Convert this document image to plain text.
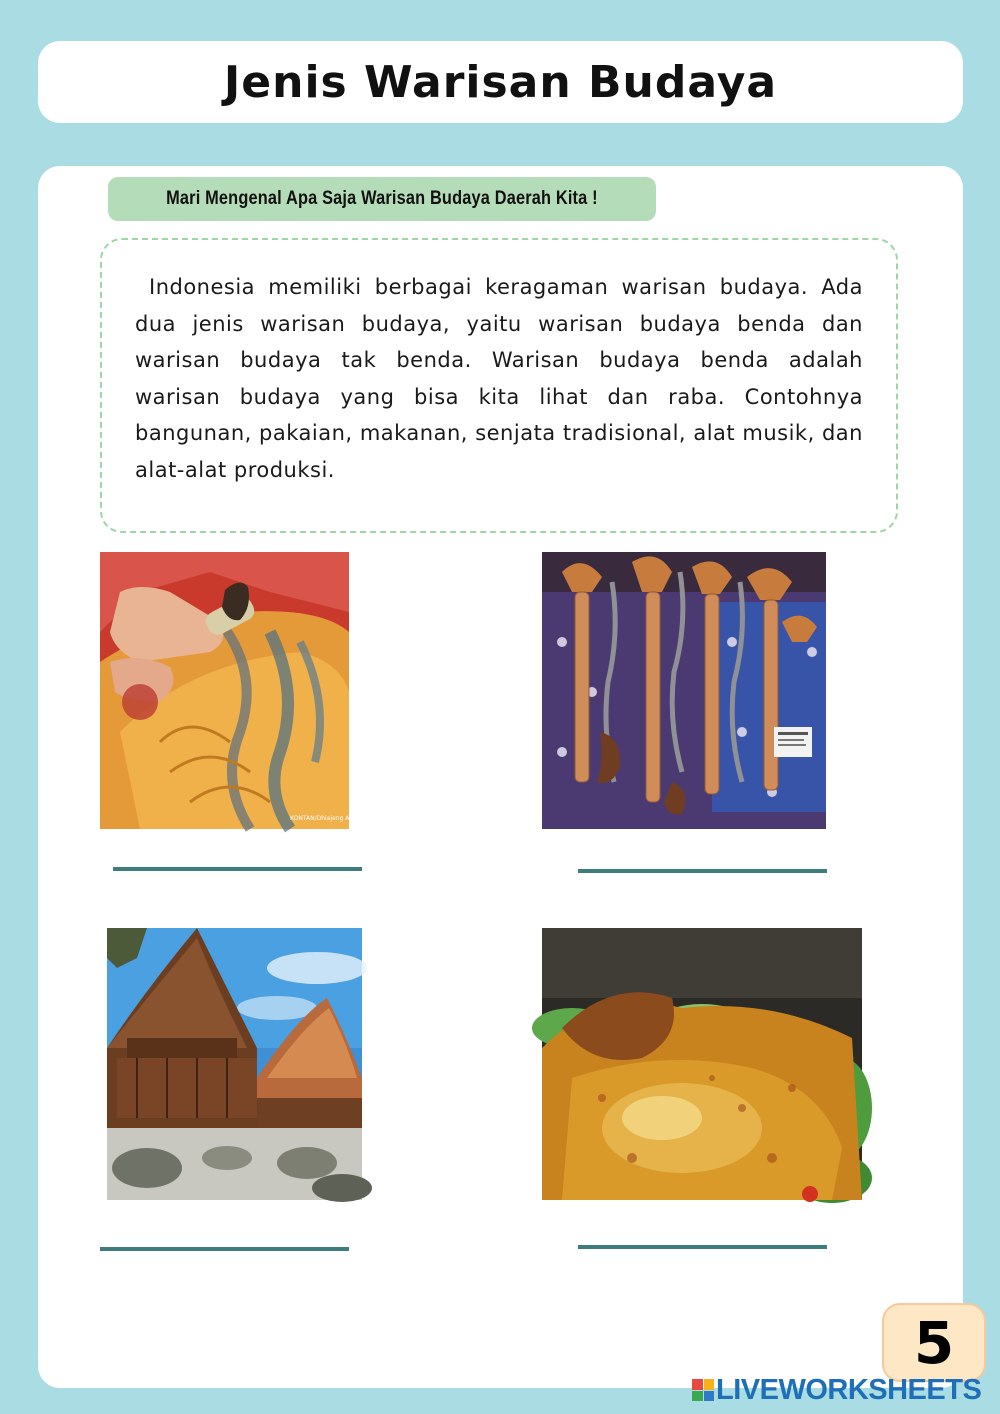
Jenis Warisan Budaya
Mari Mengenal Apa Saja Warisan Budaya Daerah Kita !

Indonesia memiliki berbagai keragaman warisan budaya. Ada dua jenis warisan budaya, yaitu warisan budaya benda dan warisan budaya tak benda. Warisan budaya benda adalah warisan budaya yang bisa kita lihat dan raba. Contohnya bangunan, pakaian, makanan, senjata tradisional, alat musik, dan alat-alat produksi.

KONTAN/Dhiajeng A. Muchtar
5
LIVEWORKSHEETS
